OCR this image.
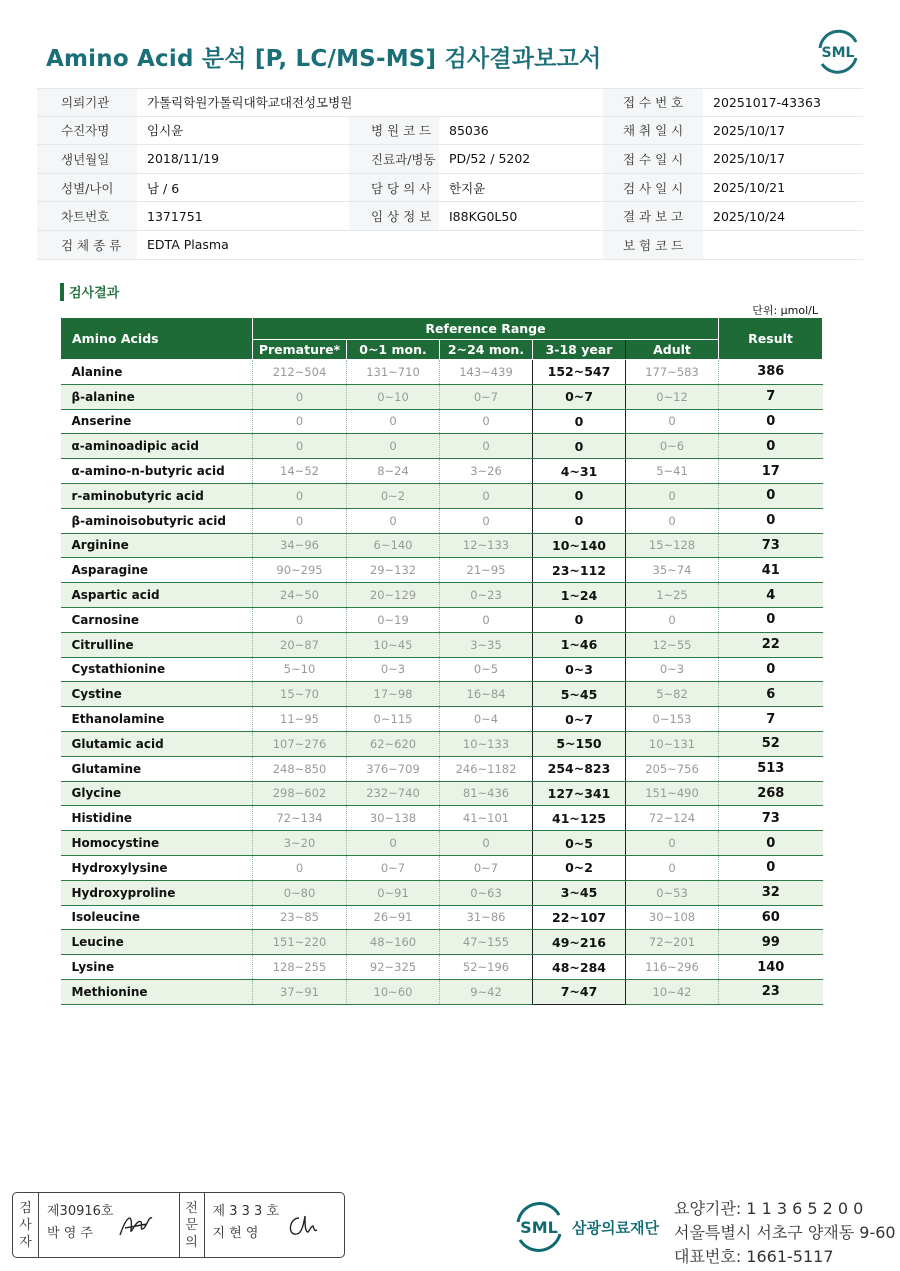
Amino Acid 분석 [P, LC/MS-MS] 검사결과보고서	SML
의뢰기관	가톨릭학원가톨릭대학교대전성모병원	접 수 번 호	20251017-43363
수진자명	임시윤	병 원 코 드	85036	채 취 일 시	2025/10/17
생년월일	2018/11/19	진료과/병동	PD/52 / 5202	접 수 일 시	2025/10/17
성별/나이	남 / 6	담 당 의 사	한지윤	검 사 일 시	2025/10/21
차트번호	1371751	임 상 정 보	I88KG0L50	결 과 보 고	2025/10/24
검 체 종 류	EDTA Plasma	보 험 코 드
검사결과
단위: μmol/L
Amino Acids	Reference Range					Result
	Premature*	0~1 mon.	2~24 mon.	3-18 year	Adult	
Alanine	212~504	131~710	143~439	152~547	177~583	386
β-alanine	0	0~10	0~7	0~7	0~12	7
Anserine	0	0	0	0	0	0
α-aminoadipic acid	0	0	0	0	0~6	0
α-amino-n-butyric acid	14~52	8~24	3~26	4~31	5~41	17
r-aminobutyric acid	0	0~2	0	0	0	0
β-aminoisobutyric acid	0	0	0	0	0	0
Arginine	34~96	6~140	12~133	10~140	15~128	73
Asparagine	90~295	29~132	21~95	23~112	35~74	41
Aspartic acid	24~50	20~129	0~23	1~24	1~25	4
Carnosine	0	0~19	0	0	0	0
Citrulline	20~87	10~45	3~35	1~46	12~55	22
Cystathionine	5~10	0~3	0~5	0~3	0~3	0
Cystine	15~70	17~98	16~84	5~45	5~82	6
Ethanolamine	11~95	0~115	0~4	0~7	0~153	7
Glutamic acid	107~276	62~620	10~133	5~150	10~131	52
Glutamine	248~850	376~709	246~1182	254~823	205~756	513
Glycine	298~602	232~740	81~436	127~341	151~490	268
Histidine	72~134	30~138	41~101	41~125	72~124	73
Homocystine	3~20	0	0	0~5	0	0
Hydroxylysine	0	0~7	0~7	0~2	0	0
Hydroxyproline	0~80	0~91	0~63	3~45	0~53	32
Isoleucine	23~85	26~91	31~86	22~107	30~108	60
Leucine	151~220	48~160	47~155	49~216	72~201	99
Lysine	128~255	92~325	52~196	48~284	116~296	140
Methionine	37~91	10~60	9~42	7~47	10~42	23
검
사
자
제30916호
박 영 주
전
문
의
제 3 3 3 호
지 현 영	SML 삼광의료재단
요양기관: 1 1 3 6 5 2 0 0
서울특별시 서초구 양재동 9-60
대표번호: 1661-5117
